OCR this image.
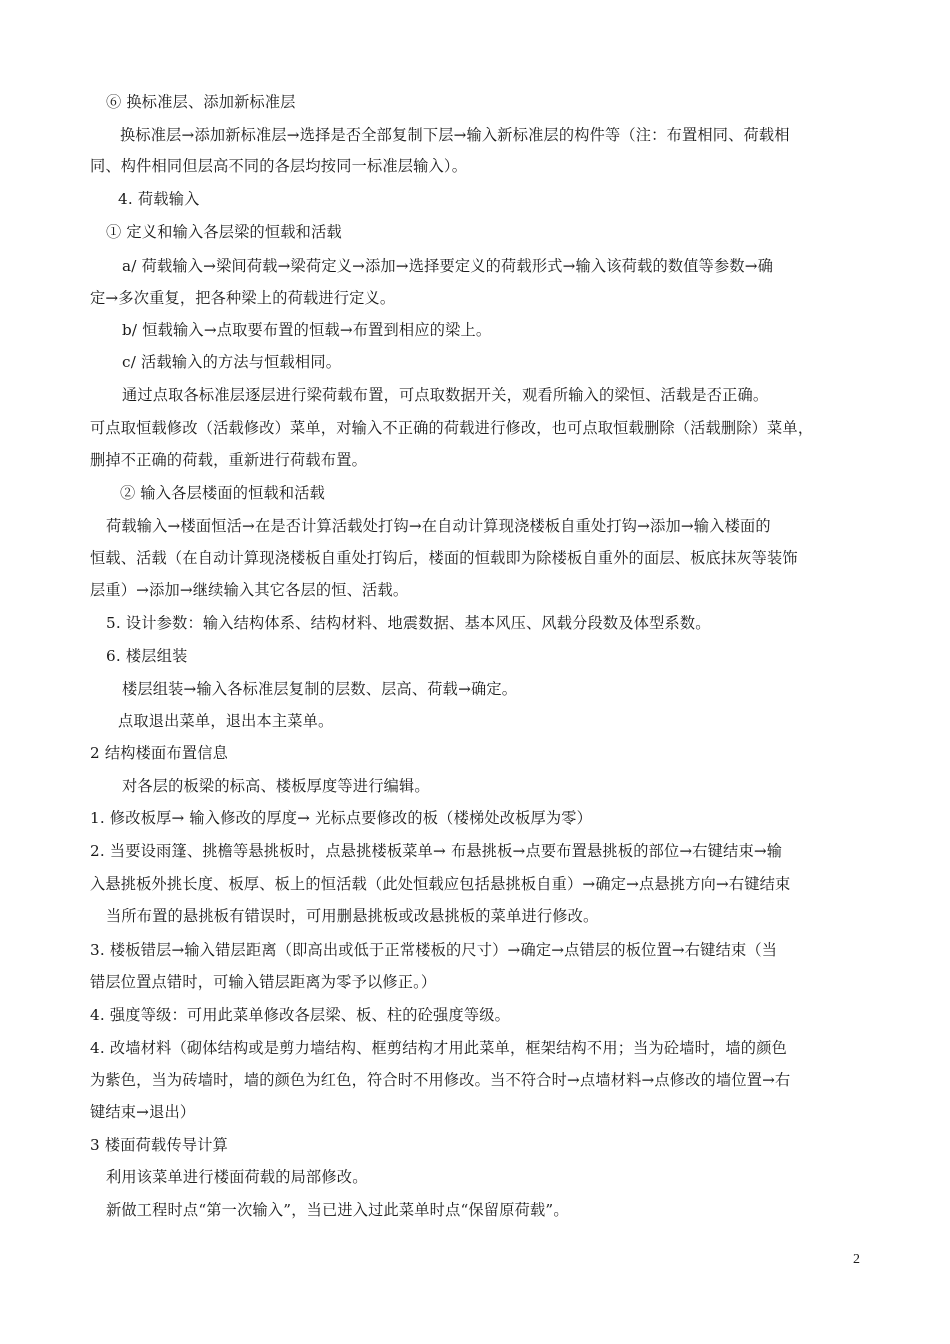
⑥ 换标准层、添加新标准层
换标准层→添加新标准层→选择是否全部复制下层→输入新标准层的构件等（注：布置相同、荷载相
同、构件相同但层高不同的各层均按同一标准层输入）。
4. 荷载输入
① 定义和输入各层梁的恒载和活载
a/ 荷载输入→梁间荷载→梁荷定义→添加→选择要定义的荷载形式→输入该荷载的数值等参数→确
定→多次重复，把各种梁上的荷载进行定义。
b/ 恒载输入→点取要布置的恒载→布置到相应的梁上。
c/ 活载输入的方法与恒载相同。
通过点取各标准层逐层进行梁荷载布置，可点取数据开关，观看所输入的梁恒、活载是否正确。
可点取恒载修改（活载修改）菜单，对输入不正确的荷载进行修改，也可点取恒载删除（活载删除）菜单，
删掉不正确的荷载，重新进行荷载布置。
② 输入各层楼面的恒载和活载
荷载输入→楼面恒活→在是否计算活载处打钩→在自动计算现浇楼板自重处打钩→添加→输入楼面的
恒载、活载（在自动计算现浇楼板自重处打钩后，楼面的恒载即为除楼板自重外的面层、板底抹灰等装饰
层重）→添加→继续输入其它各层的恒、活载。
5. 设计参数：输入结构体系、结构材料、地震数据、基本风压、风载分段数及体型系数。
6. 楼层组装
楼层组装→输入各标准层复制的层数、层高、荷载→确定。
点取退出菜单，退出本主菜单。
2 结构楼面布置信息
对各层的板梁的标高、楼板厚度等进行编辑。
1. 修改板厚→ 输入修改的厚度→ 光标点要修改的板（楼梯处改板厚为零）
2. 当要设雨篷、挑檐等悬挑板时，点悬挑楼板菜单→ 布悬挑板→点要布置悬挑板的部位→右键结束→输
入悬挑板外挑长度、板厚、板上的恒活载（此处恒载应包括悬挑板自重）→确定→点悬挑方向→右键结束
当所布置的悬挑板有错误时，可用删悬挑板或改悬挑板的菜单进行修改。
3. 楼板错层→输入错层距离（即高出或低于正常楼板的尺寸）→确定→点错层的板位置→右键结束（当
错层位置点错时，可输入错层距离为零予以修正。）
4. 强度等级：可用此菜单修改各层梁、板、柱的砼强度等级。
4. 改墙材料（砌体结构或是剪力墙结构、框剪结构才用此菜单，框架结构不用；当为砼墙时，墙的颜色
为紫色，当为砖墙时，墙的颜色为红色，符合时不用修改。当不符合时→点墙材料→点修改的墙位置→右
键结束→退出）
3 楼面荷载传导计算
利用该菜单进行楼面荷载的局部修改。
新做工程时点“第一次输入”，当已进入过此菜单时点“保留原荷载”。
2
